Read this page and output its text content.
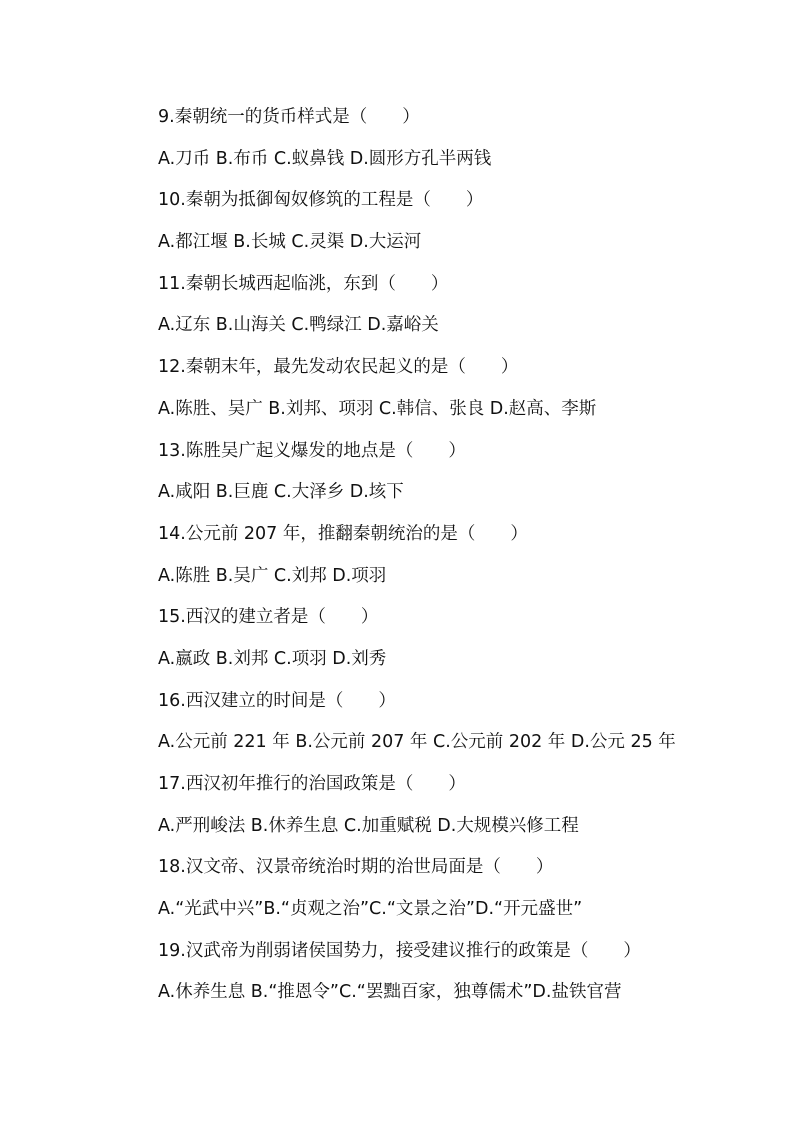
9.秦朝统一的货币样式是（　　）
A.刀币 B.布币 C.蚁鼻钱 D.圆形方孔半两钱
10.秦朝为抵御匈奴修筑的工程是（　　）
A.都江堰 B.长城 C.灵渠 D.大运河
11.秦朝长城西起临洮，东到（　　）
A.辽东 B.山海关 C.鸭绿江 D.嘉峪关
12.秦朝末年，最先发动农民起义的是（　　）
A.陈胜、吴广 B.刘邦、项羽 C.韩信、张良 D.赵高、李斯
13.陈胜吴广起义爆发的地点是（　　）
A.咸阳 B.巨鹿 C.大泽乡 D.垓下
14.公元前 207 年，推翻秦朝统治的是（　　）
A.陈胜 B.吴广 C.刘邦 D.项羽
15.西汉的建立者是（　　）
A.嬴政 B.刘邦 C.项羽 D.刘秀
16.西汉建立的时间是（　　）
A.公元前 221 年 B.公元前 207 年 C.公元前 202 年 D.公元 25 年
17.西汉初年推行的治国政策是（　　）
A.严刑峻法 B.休养生息 C.加重赋税 D.大规模兴修工程
18.汉文帝、汉景帝统治时期的治世局面是（　　）
A.“光武中兴”B.“贞观之治”C.“文景之治”D.“开元盛世”
19.汉武帝为削弱诸侯国势力，接受建议推行的政策是（　　）
A.休养生息 B.“推恩令”C.“罢黜百家，独尊儒术”D.盐铁官营
